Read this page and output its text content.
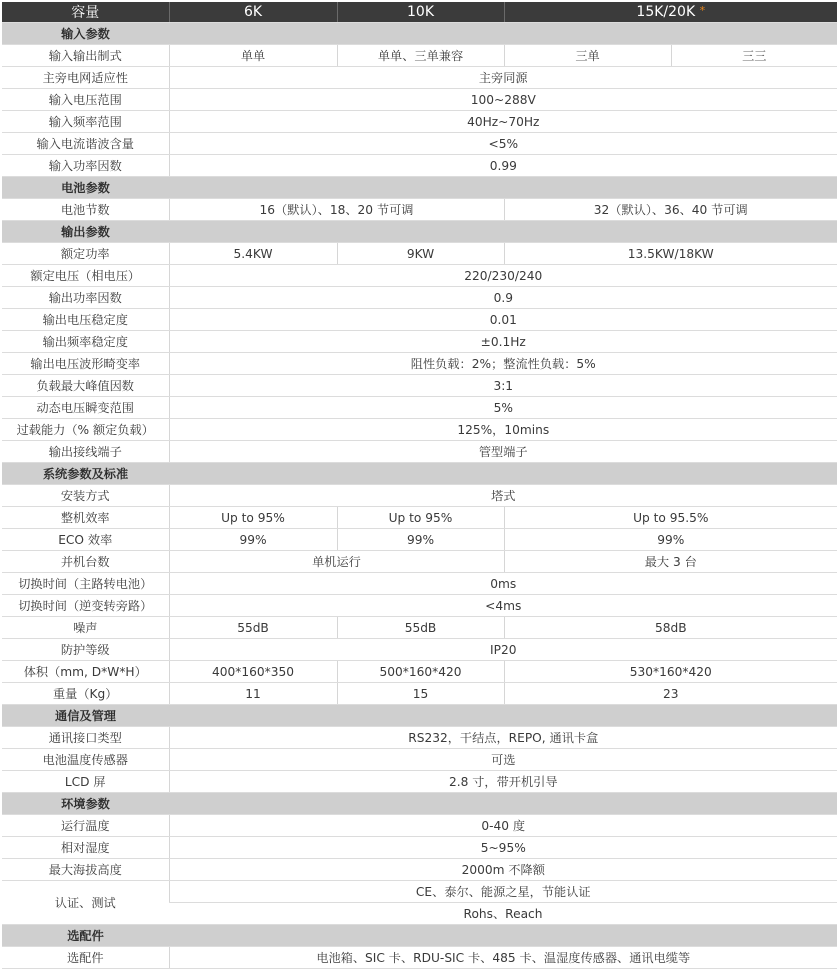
容量	6K	10K	15K/20K *
输入参数				
输入输出制式	单单	单单、三单兼容	三单	三三
主旁电网适应性	主旁同源			
输入电压范围	100~288V			
输入频率范围	40Hz~70Hz			
输入电流谐波含量	<5%			
输入功率因数	0.99			
电池参数				
电池节数	16（默认）、18、20 节可调		32（默认）、36、40 节可调	
输出参数				
额定功率	5.4KW	9KW	13.5KW/18KW	
额定电压（相电压）	220/230/240			
输出功率因数	0.9			
输出电压稳定度	0.01			
输出频率稳定度	±0.1Hz			
输出电压波形畸变率	阻性负载：2%；整流性负载：5%			
负载最大峰值因数	3:1			
动态电压瞬变范围	5%			
过载能力（% 额定负载）	125%，10mins			
输出接线端子	管型端子			
系统参数及标准				
安装方式	塔式			
整机效率	Up to 95%	Up to 95%	Up to 95.5%	
ECO 效率	99%	99%	99%	
并机台数	单机运行		最大 3 台	
切换时间（主路转电池）	0ms			
切换时间（逆变转旁路）	<4ms			
噪声	55dB	55dB	58dB	
防护等级	IP20			
体积（mm, D*W*H）	400*160*350	500*160*420	530*160*420	
重量（Kg）	11	15	23	
通信及管理				
通讯接口类型	RS232，干结点，REPO, 通讯卡盒			
电池温度传感器	可选			
LCD 屏	2.8 寸，带开机引导			
环境参数				
运行温度	0-40 度			
相对湿度	5~95%			
最大海拔高度	2000m 不降额			
认证、测试	CE、泰尔、能源之星，节能认证			
	Rohs、Reach			
选配件				
选配件	电池箱、SIC 卡、RDU-SIC 卡、485 卡、温湿度传感器、通讯电缆等			
